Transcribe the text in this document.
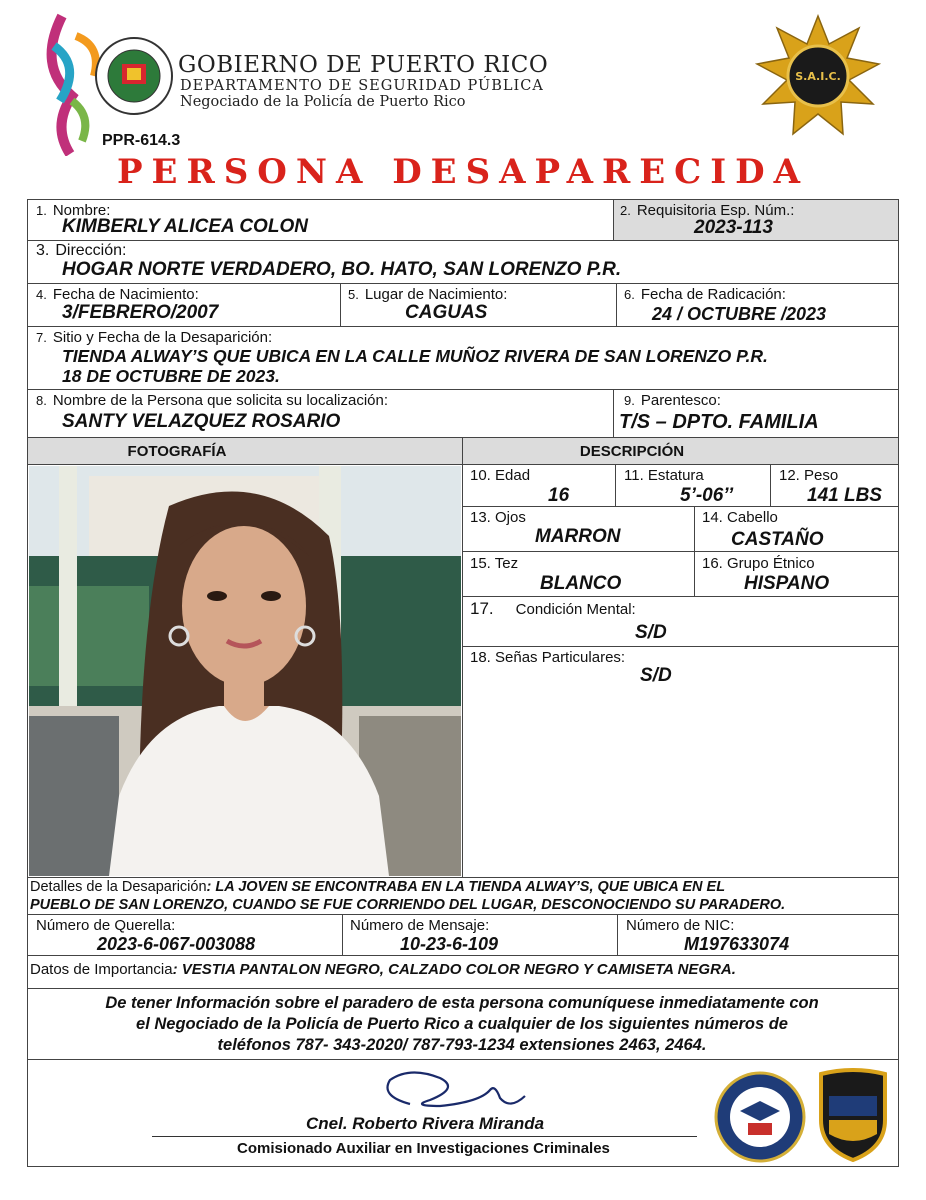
GOBIERNO DE PUERTO RICO
DEPARTAMENTO DE SEGURIDAD PÚBLICA
Negociado de la Policía de Puerto Rico
PPR-614.3
S.A.I.C.
PERSONA DESAPARECIDA
1. Nombre:
KIMBERLY ALICEA COLON
2. Requisitoria Esp. Núm.:
2023-113
3. Dirección:
HOGAR NORTE VERDADERO, BO. HATO, SAN LORENZO P.R.
4. Fecha de Nacimiento:
3/FEBRERO/2007
5. Lugar de Nacimiento:
CAGUAS
6. Fecha de Radicación:
24 / OCTUBRE /2023
7. Sitio y Fecha de la Desaparición:
TIENDA ALWAY’S QUE UBICA EN LA CALLE MUÑOZ RIVERA DE SAN LORENZO P.R.
18 DE OCTUBRE DE 2023.
8. Nombre de la Persona que solicita su localización:
SANTY VELAZQUEZ ROSARIO
9. Parentesco:
T/S – DPTO. FAMILIA
FOTOGRAFÍA	DESCRIPCIÓN
10. Edad
16
11. Estatura
5’-06’’
12. Peso
141 LBS
13. Ojos
MARRON
14. Cabello
CASTAÑO
15. Tez
BLANCO
16. Grupo Étnico
HISPANO
17. Condición Mental:
S/D
18. Señas Particulares:
S/D
Detalles de la Desaparición: LA JOVEN SE ENCONTRABA EN LA TIENDA ALWAY’S, QUE UBICA EN EL
PUEBLO DE SAN LORENZO, CUANDO SE FUE CORRIENDO DEL LUGAR, DESCONOCIENDO SU PARADERO.
Número de Querella:
2023-6-067-003088
Número de Mensaje:
10-23-6-109
Número de NIC:
M197633074
Datos de Importancia: VESTIA PANTALON NEGRO, CALZADO COLOR NEGRO Y CAMISETA NEGRA.
De tener Información sobre el paradero de esta persona comuníquese inmediatamente con
el Negociado de la Policía de Puerto Rico a cualquier de los siguientes números de
teléfonos 787- 343-2020/ 787-793-1234 extensiones 2463, 2464.
Cnel. Roberto Rivera Miranda
Comisionado Auxiliar en Investigaciones Criminales
